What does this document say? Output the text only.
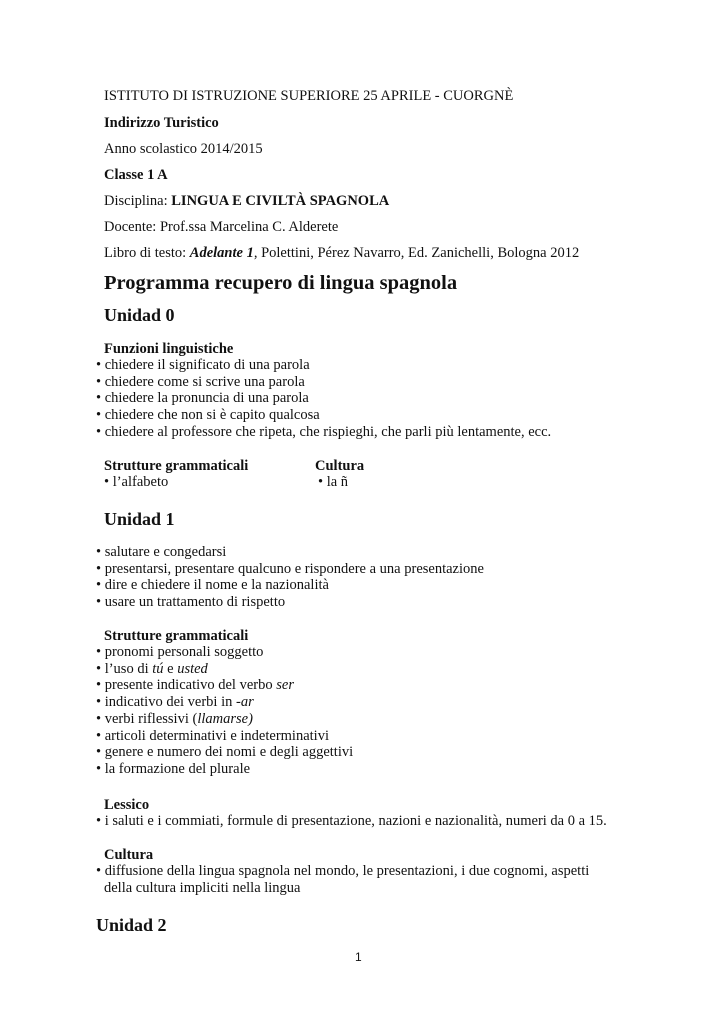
ISTITUTO DI ISTRUZIONE SUPERIORE 25 APRILE - CUORGNÈ
Indirizzo Turistico
Anno scolastico 2014/2015
Classe 1 A
Disciplina: LINGUA E CIVILTÀ SPAGNOLA
Docente: Prof.ssa Marcelina C. Alderete
Libro di testo: Adelante 1, Polettini, Pérez Navarro, Ed. Zanichelli, Bologna 2012
Programma recupero di lingua spagnola
Unidad 0
Funzioni linguistiche
• chiedere il significato di una parola
• chiedere come si scrive una parola
• chiedere la pronuncia di una parola
• chiedere che non si è capito qualcosa
• chiedere al professore che ripeta, che rispieghi, che parli più lentamente, ecc.
Strutture grammaticali
• l’alfabeto
Cultura
• la ñ
Unidad 1
• salutare e congedarsi
• presentarsi, presentare qualcuno e rispondere a una presentazione
• dire e chiedere il nome e la nazionalità
• usare un trattamento di rispetto
Strutture grammaticali
• pronomi personali soggetto
• l’uso di tú e usted
• presente indicativo del verbo ser
• indicativo dei verbi in -ar
• verbi riflessivi (llamarse)
• articoli determinativi e indeterminativi
• genere e numero dei nomi e degli aggettivi
• la formazione del plurale
Lessico
• i saluti e i commiati, formule di presentazione, nazioni e nazionalità, numeri da 0 a 15.
Cultura
• diffusione della lingua spagnola nel mondo, le presentazioni, i due cognomi, aspetti
della cultura impliciti nella lingua
Unidad 2
1
